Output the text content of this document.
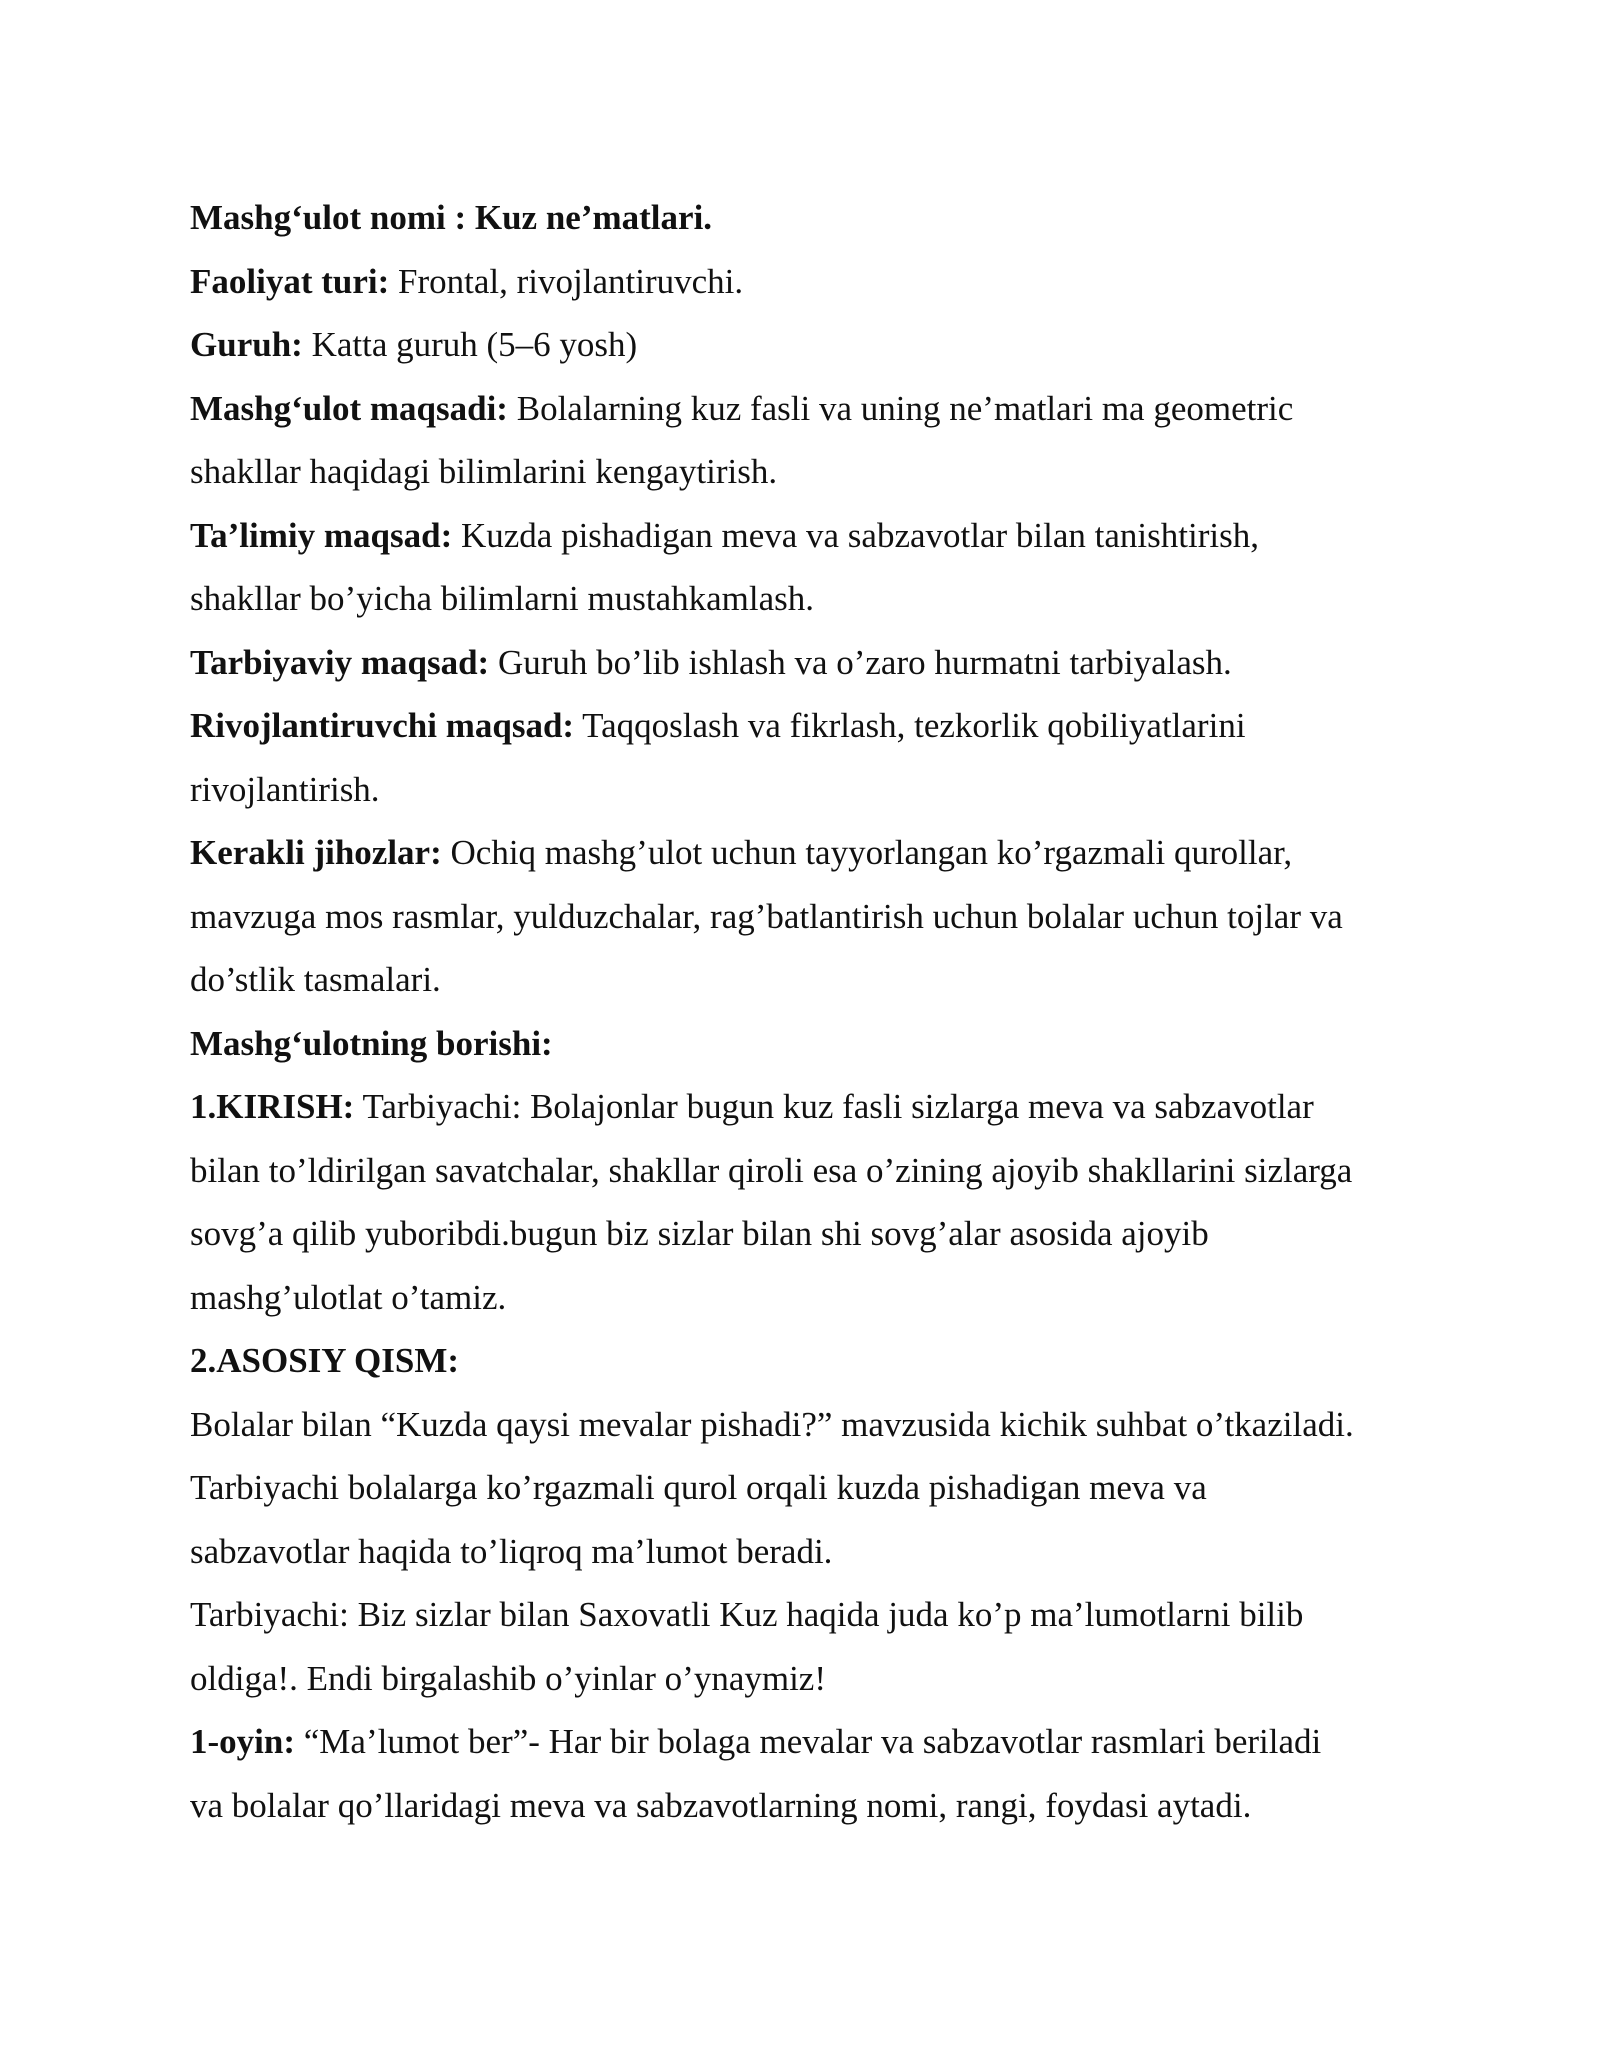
Mashg‘ulot nomi : Kuz ne’matlari.
Faoliyat turi: Frontal, rivojlantiruvchi.
Guruh: Katta guruh (5–6 yosh)
Mashg‘ulot maqsadi: Bolalarning kuz fasli va uning ne’matlari ma geometric
shakllar haqidagi bilimlarini kengaytirish.
Ta’limiy maqsad: Kuzda pishadigan meva va sabzavotlar bilan tanishtirish,
shakllar bo’yicha bilimlarni mustahkamlash.
Tarbiyaviy maqsad: Guruh bo’lib ishlash va o’zaro hurmatni tarbiyalash.
Rivojlantiruvchi maqsad: Taqqoslash va fikrlash, tezkorlik qobiliyatlarini
rivojlantirish.
Kerakli jihozlar: Ochiq mashg’ulot uchun tayyorlangan ko’rgazmali qurollar,
mavzuga mos rasmlar, yulduzchalar, rag’batlantirish uchun bolalar uchun tojlar va
do’stlik tasmalari.
Mashg‘ulotning borishi:
1.KIRISH: Tarbiyachi: Bolajonlar bugun kuz fasli sizlarga meva va sabzavotlar
bilan to’ldirilgan savatchalar, shakllar qiroli esa o’zining ajoyib shakllarini sizlarga
sovg’a qilib yuboribdi.bugun biz sizlar bilan shi sovg’alar asosida ajoyib
mashg’ulotlat o’tamiz.
2.ASOSIY QISM:
Bolalar bilan “Kuzda qaysi mevalar pishadi?” mavzusida kichik suhbat o’tkaziladi.
Tarbiyachi bolalarga ko’rgazmali qurol orqali kuzda pishadigan meva va
sabzavotlar haqida to’liqroq ma’lumot beradi.
Tarbiyachi: Biz sizlar bilan Saxovatli Kuz haqida juda ko’p ma’lumotlarni bilib
oldiga!. Endi birgalashib o’yinlar o’ynaymiz!
1-oyin: “Ma’lumot ber”- Har bir bolaga mevalar va sabzavotlar rasmlari beriladi
va bolalar qo’llaridagi meva va sabzavotlarning nomi, rangi, foydasi aytadi.
